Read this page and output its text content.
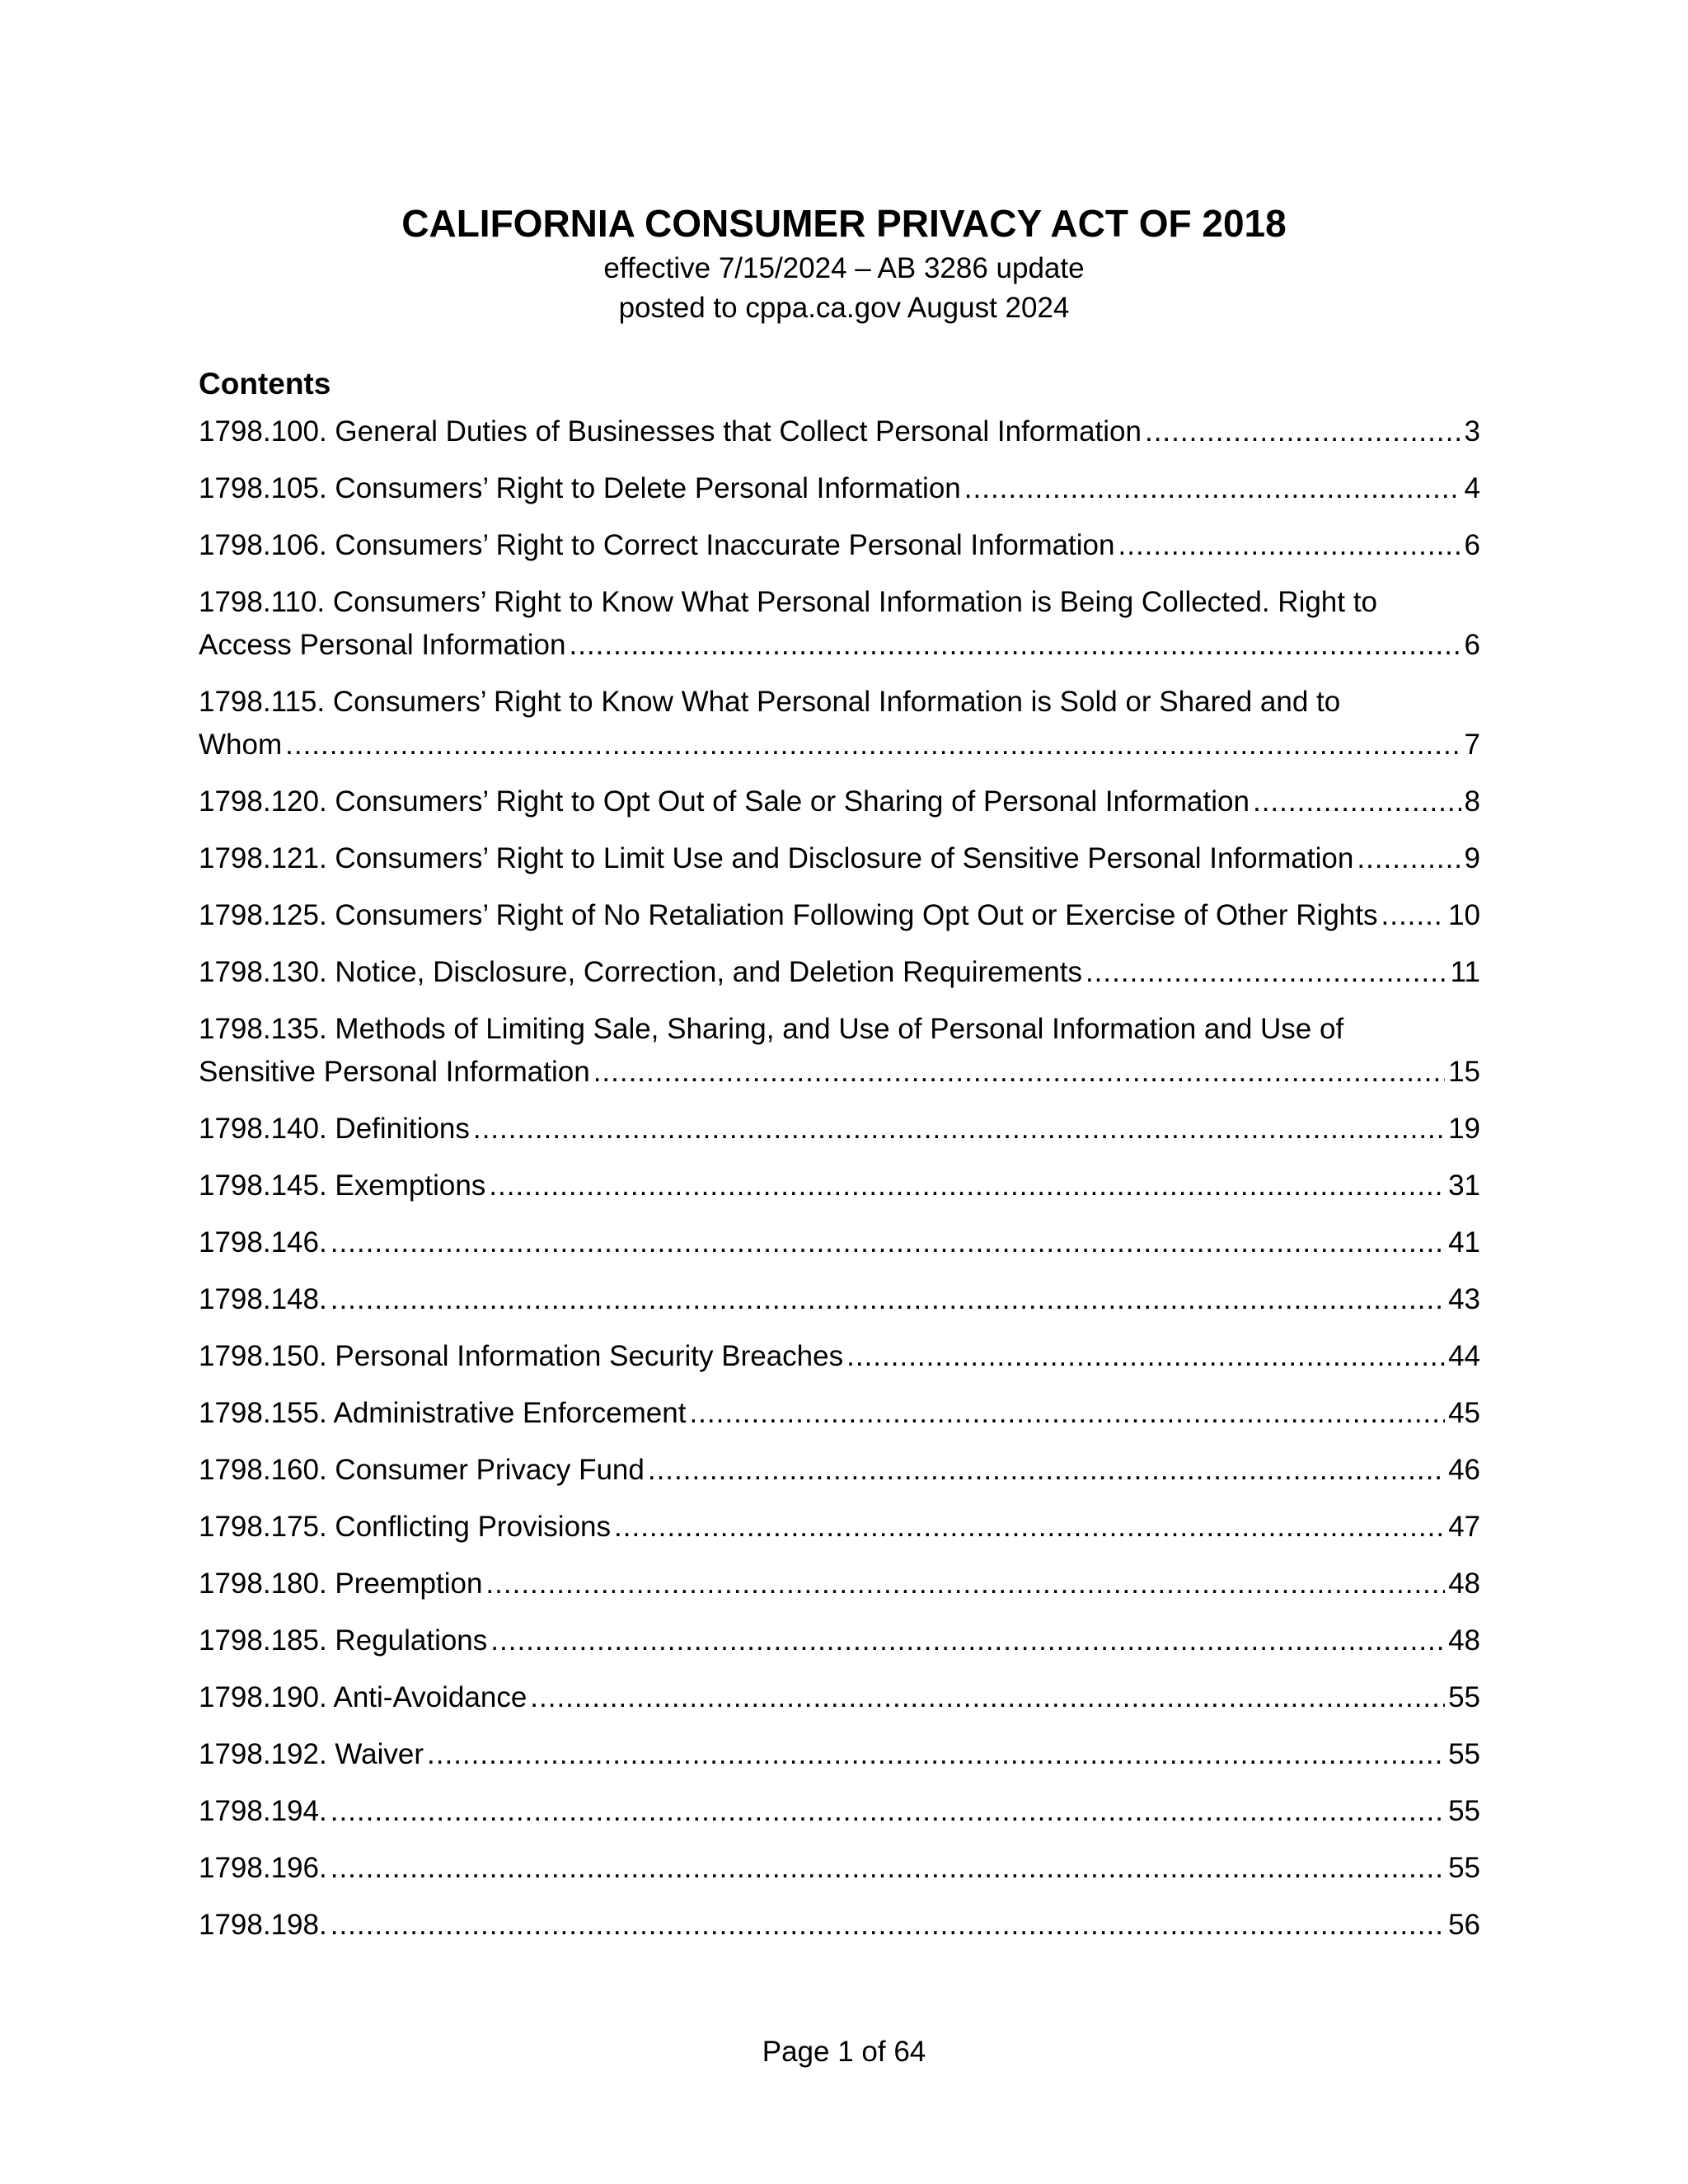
CALIFORNIA CONSUMER PRIVACY ACT OF 2018
effective 7/15/2024 – AB 3286 update
posted to cppa.ca.gov August 2024
Contents
1798.100. General Duties of Businesses that Collect Personal Information .....	3
1798.105. Consumers’ Right to Delete Personal Information .....	4
1798.106. Consumers’ Right to Correct Inaccurate Personal Information .....	6
1798.110. Consumers’ Right to Know What Personal Information is Being Collected. Right to
Access Personal Information .....	6
1798.115. Consumers’ Right to Know What Personal Information is Sold or Shared and to
Whom .....	7
1798.120. Consumers’ Right to Opt Out of Sale or Sharing of Personal Information .....	8
1798.121. Consumers’ Right to Limit Use and Disclosure of Sensitive Personal Information .....	9
1798.125. Consumers’ Right of No Retaliation Following Opt Out or Exercise of Other Rights ..... 10
1798.130. Notice, Disclosure, Correction, and Deletion Requirements .....	11
1798.135. Methods of Limiting Sale, Sharing, and Use of Personal Information and Use of
Sensitive Personal Information .....	15
1798.140. Definitions .....	19
1798.145. Exemptions .....	31
1798.146. .....	41
1798.148. .....	43
1798.150. Personal Information Security Breaches .....	44
1798.155. Administrative Enforcement .....	45
1798.160. Consumer Privacy Fund .....	46
1798.175. Conflicting Provisions .....	47
1798.180. Preemption .....	48
1798.185. Regulations .....	48
1798.190. Anti-Avoidance .....	55
1798.192. Waiver .....	55
1798.194. .....	55
1798.196. .....	55
1798.198. .....	56
Page 1 of 64
